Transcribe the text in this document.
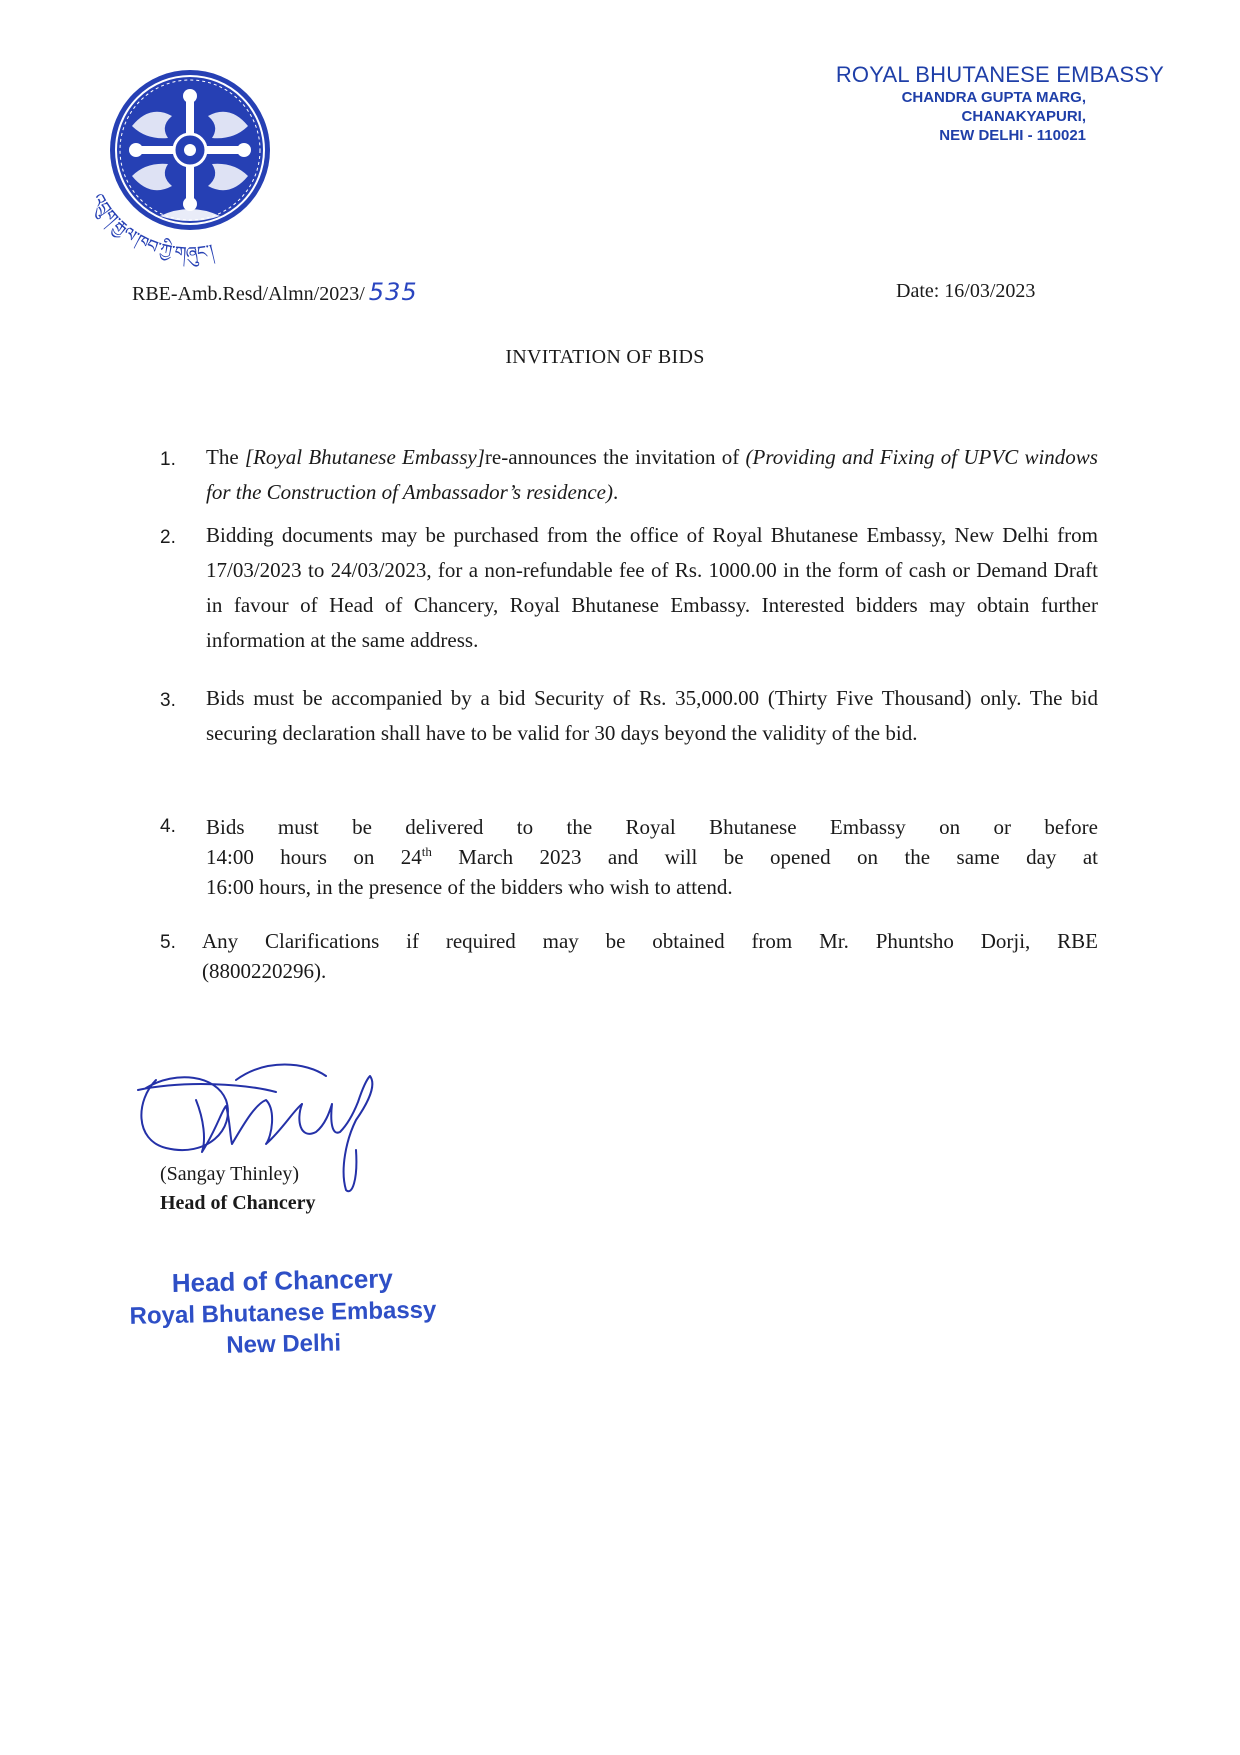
འབྲུག་རྒྱལ་ཁབ་ཀྱི་གཞུང་།
ROYAL BHUTANESE EMBASSY
CHANDRA GUPTA MARG,
CHANAKYAPURI,
NEW DELHI - 110021
RBE-Amb.Resd/Almn/2023/ 535	Date: 16/03/2023
INVITATION OF BIDS
1.	The [Royal Bhutanese Embassy]re-announces the invitation of (Providing and Fixing of UPVC windows for the Construction of Ambassador’s residence).
2.	Bidding documents may be purchased from the office of Royal Bhutanese Embassy, New Delhi from 17/03/2023 to 24/03/2023, for a non-refundable fee of Rs. 1000.00 in the form of cash or Demand Draft in favour of Head of Chancery, Royal Bhutanese Embassy. Interested bidders may obtain further information at the same address.
3.	Bids must be accompanied by a bid Security of Rs. 35,000.00 (Thirty Five Thousand) only. The bid securing declaration shall have to be valid for 30 days beyond the validity of the bid.
4.	Bids must be delivered to the Royal Bhutanese Embassy on or before
14:00 hours on 24th March 2023 and will be opened on the same day at
16:00 hours, in the presence of the bidders who wish to attend.
5.	Any Clarifications if required may be obtained from Mr. Phuntsho Dorji, RBE
(8800220296).
(Sangay Thinley)
Head of Chancery
Head of Chancery
Royal Bhutanese Embassy
New Delhi
